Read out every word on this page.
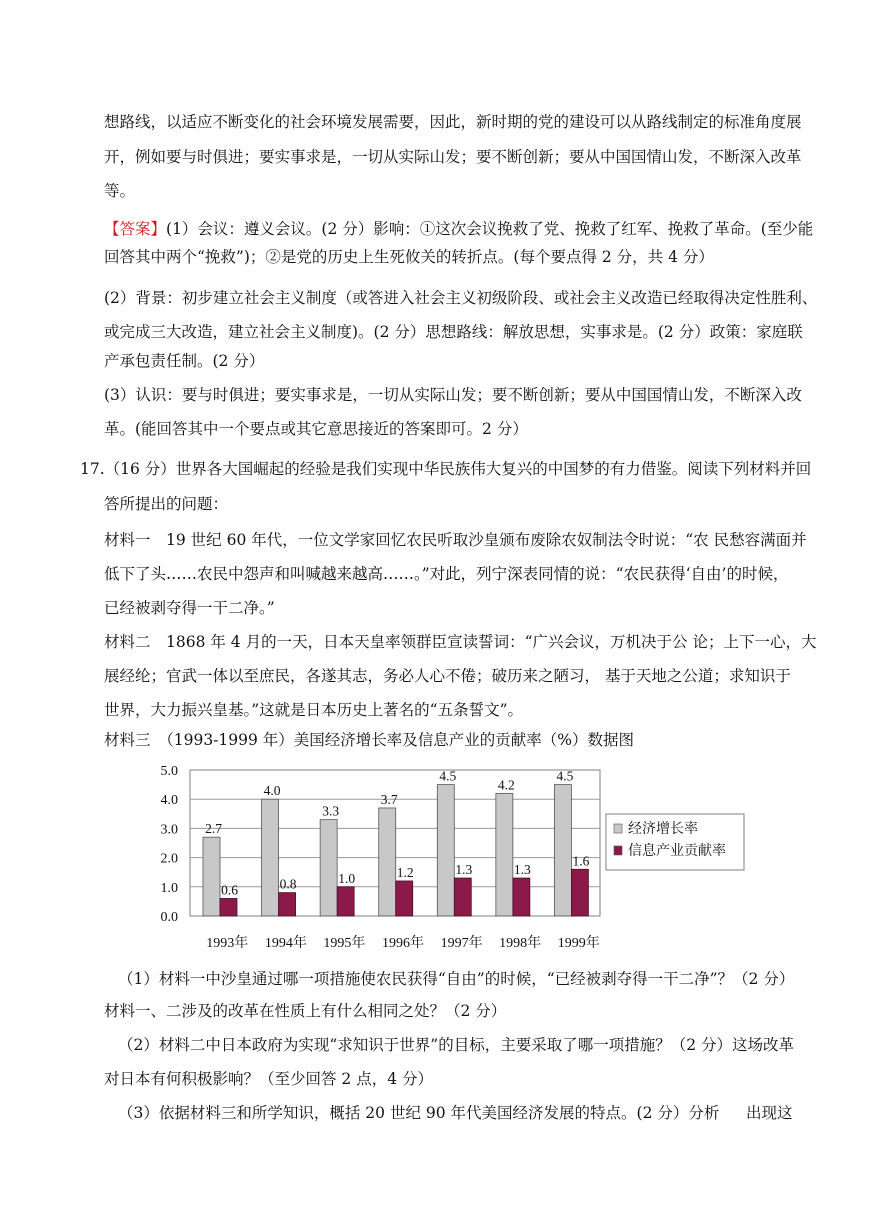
想路线，以适应不断变化的社会环境发展需要，因此，新时期的党的建设可以从路线制定的标准角度展
开，例如要与时俱进；要实事求是，一切从实际山发；要不断创新；要从中国国情山发，不断深入改革
等。
【答案】(1）会议：遵义会议。(2 分）影响：①这次会议挽救了党、挽救了红军、挽救了革命。(至少能
回答其中两个“挽救”)；②是党的历史上生死攸关的转折点。(每个要点得 2 分，共 4 分）
(2）背景：初步建立社会主义制度（或答进入社会主义初级阶段、或社会主义改造已经取得决定性胜利、
或完成三大改造，建立社会主义制度)。(2 分）思想路线：解放思想，实事求是。(2 分）政策：家庭联
产承包责任制。(2 分）
(3）认识：要与时俱进；要实事求是，一切从实际山发；要不断创新；要从中国国情山发，不断深入改
革。(能回答其中一个要点或其它意思接近的答案即可。2 分）
17.（16 分）世界各大国崛起的经验是我们实现中华民族伟大复兴的中国梦的有力借鉴。阅读下列材料并回
答所提出的问题：
材料一　19 世纪 60 年代，一位文学家回忆农民听取沙皇颁布废除农奴制法令时说：“农 民愁容满面并
低下了头……农民中怨声和叫喊越来越高……。”对此，列宁深表同情的说：“农民获得‘自由’的时候，
已经被剥夺得一干二净。”
材料二　1868 年 4 月的一天，日本天皇率领群臣宣读誓词：“广兴会议，万机决于公 论；上下一心，大
展经纶；官武一体以至庶民，各遂其志，务必人心不倦；破历来之陋习， 基于天地之公道；求知识于
世界，大力振兴皇基。”这就是日本历史上著名的“五条誓文”。
材料三　（1993-1999 年）美国经济增长率及信息产业的贡献率（%）数据图
0.0
1.0
2.0
3.0
4.0
5.0
2.7
0.6
1993年
4.0
0.8
1994年
3.3
1.0
1995年
3.7
1.2
1996年
4.5
1.3
1997年
4.2
1.3
1998年
4.5
1.6
1999年
经济增长率
信息产业贡献率
（1）材料一中沙皇通过哪一项措施使农民获得“自由”的时候，“已经被剥夺得一干二净”？（2 分）
材料一、二涉及的改革在性质上有什么相同之处？（2 分）
（2）材料二中日本政府为实现“求知识于世界”的目标，主要采取了哪一项措施？（2 分）这场改革
对日本有何积极影响？（至少回答 2 点，4 分）
（3）依据材料三和所学知识，概括 20 世纪 90 年代美国经济发展的特点。(2 分）分析 出现这
